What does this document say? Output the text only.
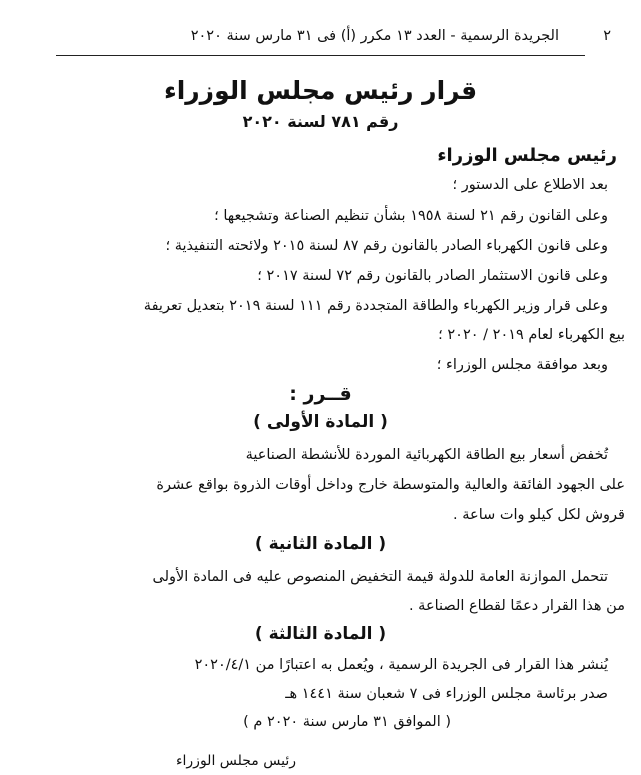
٢
الجريدة الرسمية - العدد ١٣ مكرر (أ) فى ٣١ مارس سنة ٢٠٢٠
قرار رئيس مجلس الوزراء
رقم ٧٨١ لسنة ٢٠٢٠
رئيس مجلس الوزراء
بعد الاطلاع على الدستور ؛
وعلى القانون رقم ٢١ لسنة ١٩٥٨ بشأن تنظيم الصناعة وتشجيعها ؛
وعلى قانون الكهرباء الصادر بالقانون رقم ٨٧ لسنة ٢٠١٥ ولائحته التنفيذية ؛
وعلى قانون الاستثمار الصادر بالقانون رقم ٧٢ لسنة ٢٠١٧ ؛
وعلى قرار وزير الكهرباء والطاقة المتجددة رقم ١١١ لسنة ٢٠١٩ بتعديل تعريفة
بيع الكهرباء لعام ٢٠١٩ / ٢٠٢٠ ؛
وبعد موافقة مجلس الوزراء ؛
قــرر :
( المادة الأولى )
تُخفض أسعار بيع الطاقة الكهربائية الموردة للأنشطة الصناعية
على الجهود الفائقة والعالية والمتوسطة خارج وداخل أوقات الذروة بواقع عشرة
قروش لكل كيلو وات ساعة .
( المادة الثانية )
تتحمل الموازنة العامة للدولة قيمة التخفيض المنصوص عليه فى المادة الأولى
من هذا القرار دعمًا لقطاع الصناعة .
( المادة الثالثة )
يُنشر هذا القرار فى الجريدة الرسمية ، ويُعمل به اعتبارًا من ٢٠٢٠/٤/١
صدر برئاسة مجلس الوزراء فى ٧ شعبان سنة ١٤٤١ هـ
( الموافق ٣١ مارس سنة ٢٠٢٠ م )
رئيس مجلس الوزراء
